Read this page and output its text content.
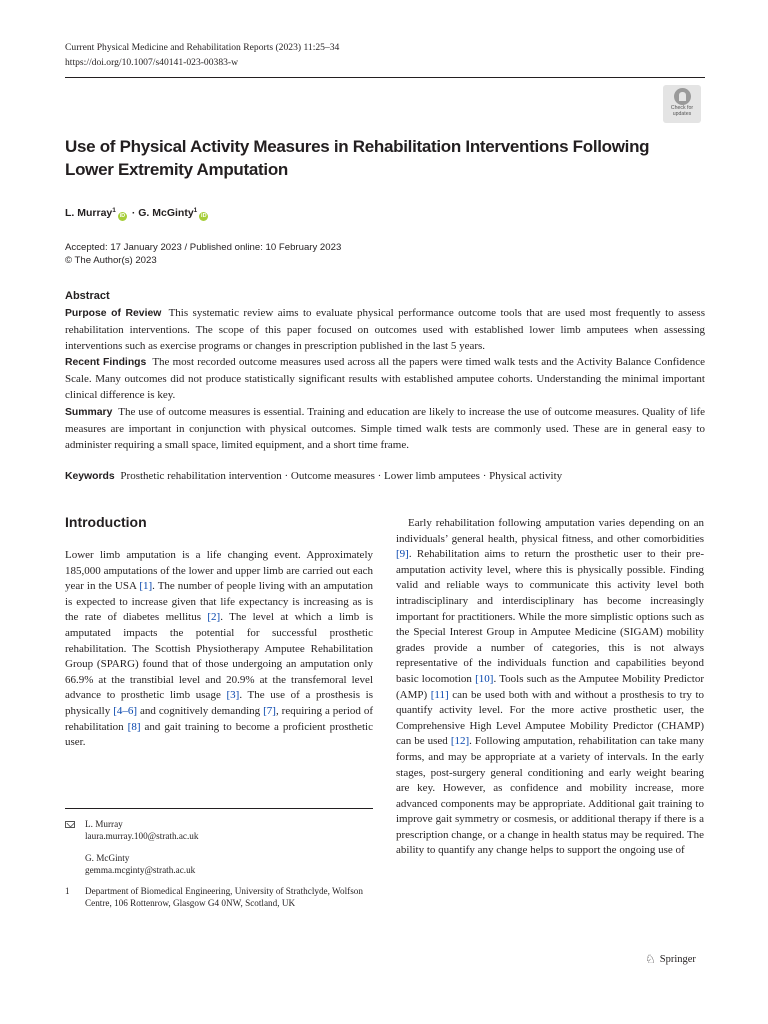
Current Physical Medicine and Rehabilitation Reports (2023) 11:25–34
https://doi.org/10.1007/s40141-023-00383-w
Check for
updates
Use of Physical Activity Measures in Rehabilitation Interventions Following Lower Extremity Amputation
L. Murray$^1$iD · G. McGinty$^1$iD
Accepted: 17 January 2023 / Published online: 10 February 2023
© The Author(s) 2023
Abstract
Purpose of Review This systematic review aims to evaluate physical performance outcome tools that are used most frequently to assess rehabilitation interventions. The scope of this paper focused on outcomes used with established lower limb amputees when assessing interventions such as exercise programs or changes in prescription published in the last 5 years.
Recent Findings The most recorded outcome measures used across all the papers were timed walk tests and the Activity Balance Confidence Scale. Many outcomes did not produce statistically significant results with established amputee cohorts. Understanding the minimal important clinical difference is key.
Summary The use of outcome measures is essential. Training and education are likely to increase the use of outcome measures. Quality of life measures are important in conjunction with physical outcomes. Simple timed walk tests are commonly used. These are in general easy to administer requiring a small space, limited equipment, and a short time frame.
Keywords Prosthetic rehabilitation intervention · Outcome measures · Lower limb amputees · Physical activity
Introduction
Lower limb amputation is a life changing event. Approximately 185,000 amputations of the lower and upper limb are carried out each year in the USA [1]. The number of people living with an amputation is expected to increase given that life expectancy is increasing as is the rate of diabetes mellitus [2]. The level at which a limb is amputated impacts the potential for successful prosthetic rehabilitation. The Scottish Physiotherapy Amputee Rehabilitation Group (SPARG) found that of those undergoing an amputation only 66.9% at the transtibial level and 20.9% at the transfemoral level advance to prosthetic limb usage [3]. The use of a prosthesis is physically [4–6] and cognitively demanding [7], requiring a period of rehabilitation [8] and gait training to become a proficient prosthetic user.
Early rehabilitation following amputation varies depending on an individuals’ general health, physical fitness, and other comorbidities [9]. Rehabilitation aims to return the prosthetic user to their pre-amputation activity level, where this is physically possible. Finding valid and reliable ways to communicate this activity level both intradisciplinary and interdisciplinary has become increasingly important for practitioners. While the more simplistic options such as the Special Interest Group in Amputee Medicine (SIGAM) mobility grades provide a number of categories, this is not always representative of the individuals function and capabilities beyond basic locomotion [10]. Tools such as the Amputee Mobility Predictor (AMP) [11] can be used both with and without a prosthesis to try to quantify activity level. For the more active prosthetic user, the Comprehensive High Level Amputee Mobility Predictor (CHAMP) can be used [12]. Following amputation, rehabilitation can take many forms, and may be appropriate at a variety of intervals. In the early stages, post-surgery general conditioning and early weight bearing are key. However, as confidence and mobility increase, more advanced components may be appropriate. Additional gait training to improve gait symmetry or cosmesis, or additional therapy if there is a prescription change, or a change in health status may be required. The ability to quantify any change helps to support the ongoing use of
L. Murray
laura.murray.100@strath.ac.uk
G. McGinty
gemma.mcginty@strath.ac.uk
1	Department of Biomedical Engineering, University of Strathclyde, Wolfson Centre, 106 Rottenrow, Glasgow G4 0NW, Scotland, UK
♘ Springer
